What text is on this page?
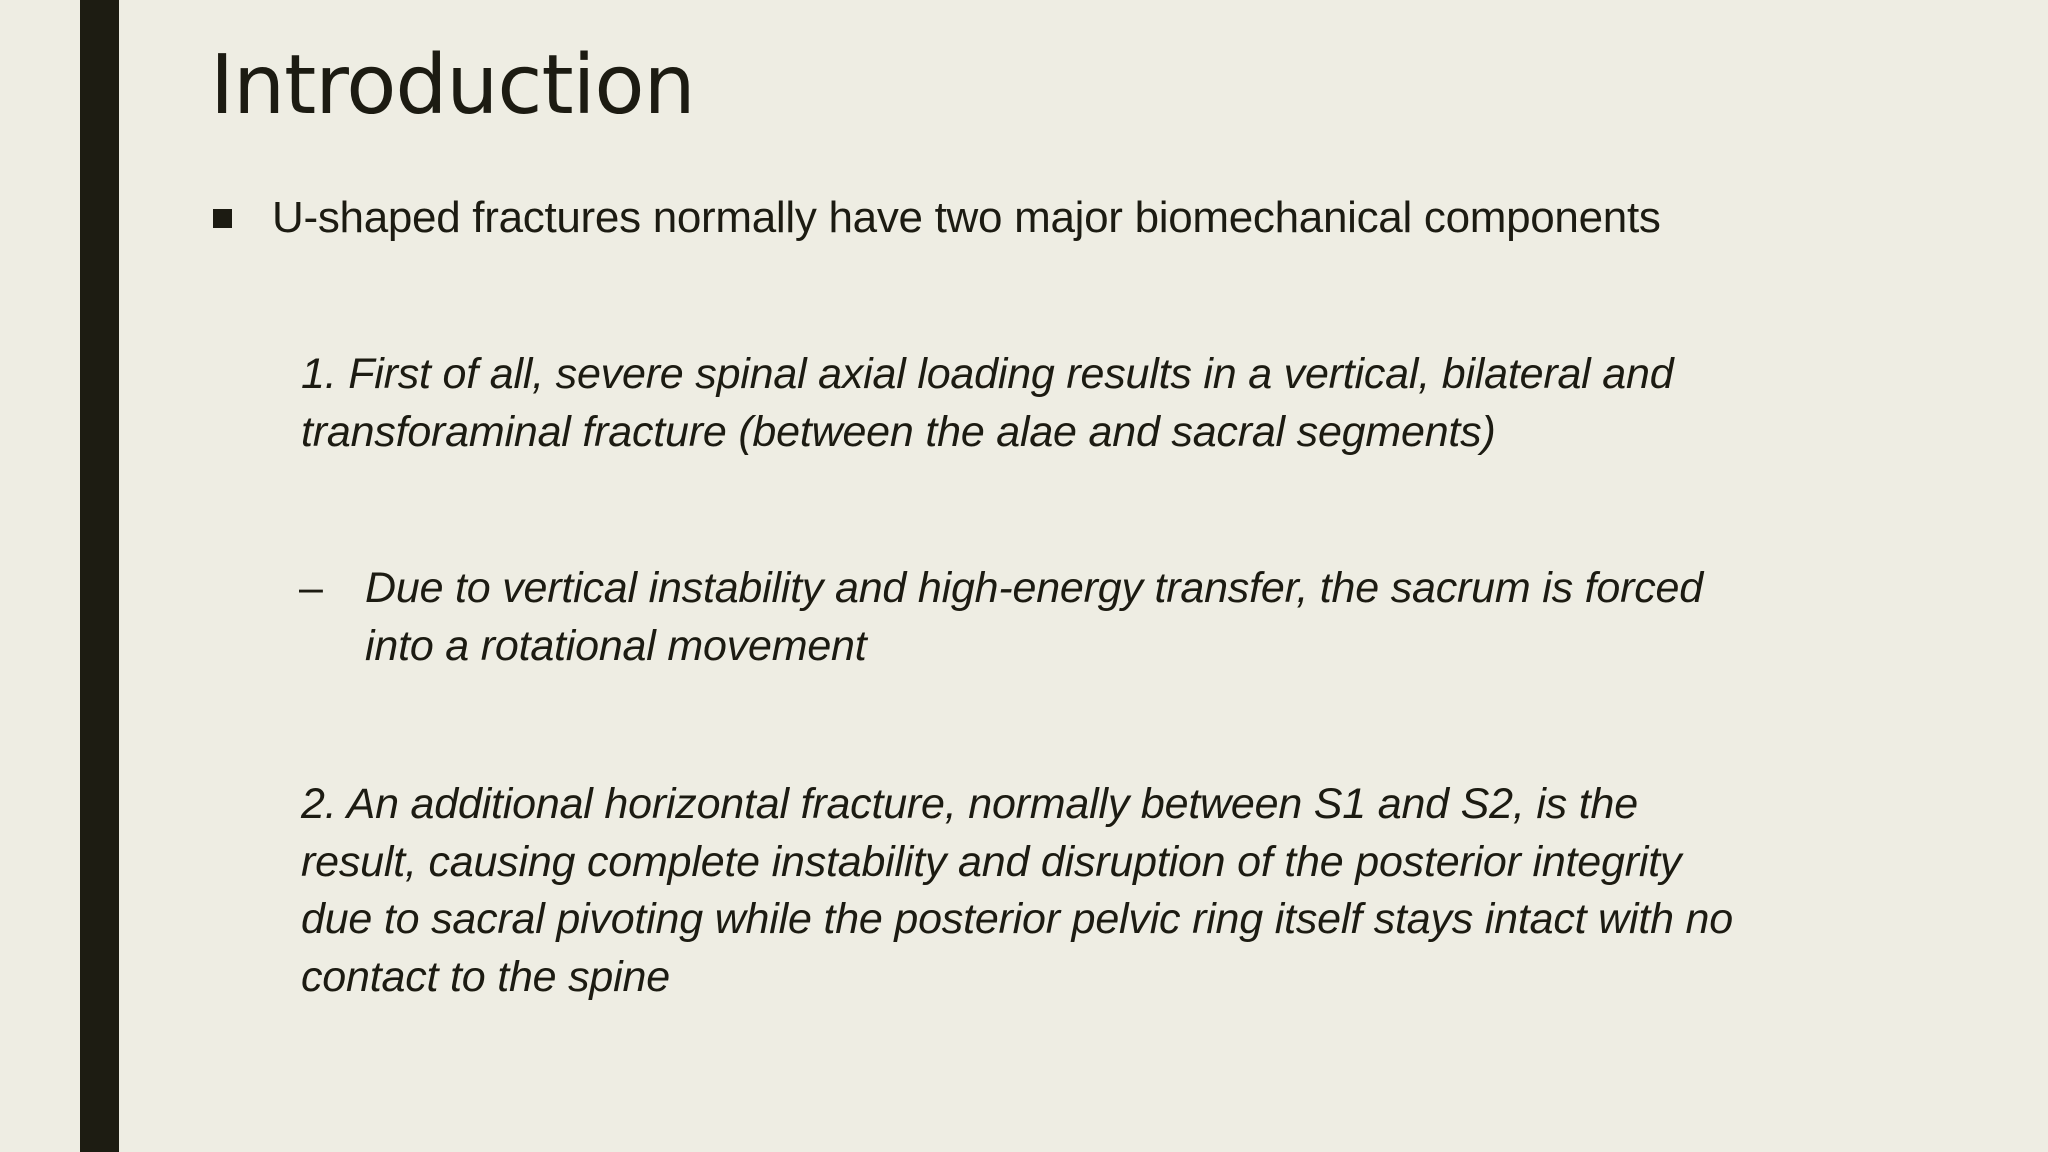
Introduction
U-shaped fractures normally have two major biomechanical components
1. First of all, severe spinal axial loading results in a vertical, bilateral and
transforaminal fracture (between the alae and sacral segments)
– Due to vertical instability and high-energy transfer, the sacrum is forced
into a rotational movement
2. An additional horizontal fracture, normally between S1 and S2, is the
result, causing complete instability and disruption of the posterior integrity
due to sacral pivoting while the posterior pelvic ring itself stays intact with no
contact to the spine
